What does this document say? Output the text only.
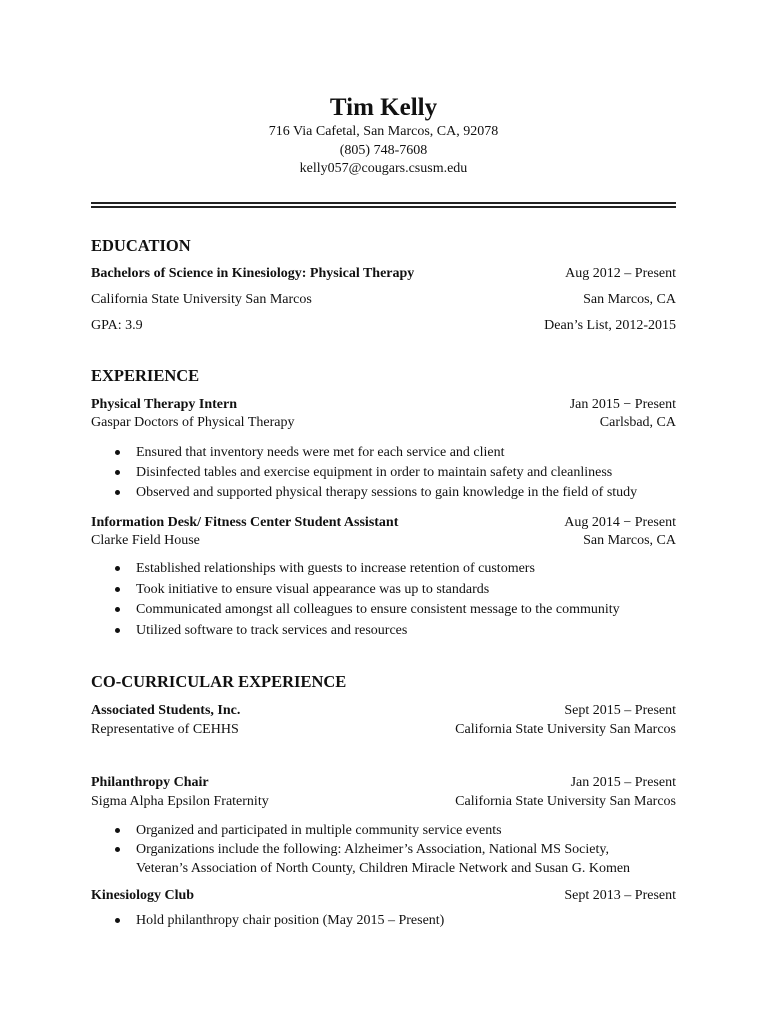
Tim Kelly
716 Via Cafetal, San Marcos, CA, 92078
(805) 748-7608
kelly057@cougars.csusm.edu
EDUCATION
Bachelors of Science in Kinesiology: Physical Therapy	Aug 2012 – Present
California State University San Marcos	San Marcos, CA
GPA: 3.9	Dean’s List, 2012-2015
EXPERIENCE
Physical Therapy Intern	Jan 2015 − Present
Gaspar Doctors of Physical Therapy	Carlsbad, CA
Ensured that inventory needs were met for each service and client
Disinfected tables and exercise equipment in order to maintain safety and cleanliness
Observed and supported physical therapy sessions to gain knowledge in the field of study
Information Desk/ Fitness Center Student Assistant	Aug 2014 − Present
Clarke Field House	San Marcos, CA
Established relationships with guests to increase retention of customers
Took initiative to ensure visual appearance was up to standards
Communicated amongst all colleagues to ensure consistent message to the community
Utilized software to track services and resources
CO-CURRICULAR EXPERIENCE
Associated Students, Inc.	Sept 2015 – Present
Representative of CEHHS	California State University San Marcos
Philanthropy Chair	Jan 2015 – Present
Sigma Alpha Epsilon Fraternity	California State University San Marcos
Organized and participated in multiple community service events
Organizations include the following: Alzheimer’s Association, National MS Society,
Veteran’s Association of North County, Children Miracle Network and Susan G. Komen
Kinesiology Club	Sept 2013 – Present
Hold philanthropy chair position (May 2015 – Present)
